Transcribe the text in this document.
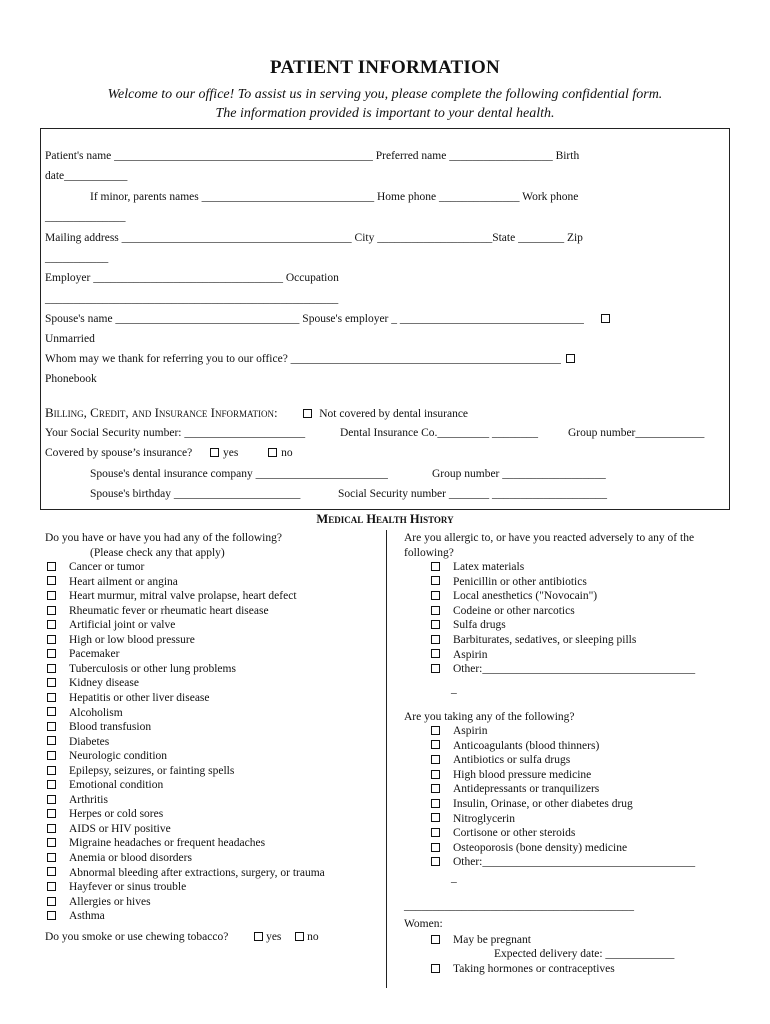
PATIENT INFORMATION
Welcome to our office! To assist us in serving you, please complete the following confidential form.
The information provided is important to your dental health.
Patient's name _____________________________________________ Preferred name __________________ Birth
date___________
If minor, parents names ______________________________ Home phone ______________ Work phone
______________
Mailing address ________________________________________ City ____________________State ________ Zip
___________
Employer _________________________________ Occupation
___________________________________________________
Spouse's name ________________________________ Spouse's employer _ ________________________________
Unmarried
Whom may we thank for referring you to our office? _______________________________________________
Phonebook
Billing, Credit, and Insurance Information:	Not covered by dental insurance
Your Social Security number: _____________________	Dental Insurance Co._________ ________	Group number____________
Covered by spouse’s insurance?	yes	no
Spouse's dental insurance company _______________________	Group number __________________
Spouse's birthday ______________________	Social Security number _______ ____________________
Medical Health History
Do you have or have you had any of the following?
(Please check any that apply)
Cancer or tumor
Heart ailment or angina
Heart murmur, mitral valve prolapse, heart defect
Rheumatic fever or rheumatic heart disease
Artificial joint or valve
High or low blood pressure
Pacemaker
Tuberculosis or other lung problems
Kidney disease
Hepatitis or other liver disease
Alcoholism
Blood transfusion
Diabetes
Neurologic condition
Epilepsy, seizures, or fainting spells
Emotional condition
Arthritis
Herpes or cold sores
AIDS or HIV positive
Migraine headaches or frequent headaches
Anemia or blood disorders
Abnormal bleeding after extractions, surgery, or trauma
Hayfever or sinus trouble
Allergies or hives
Asthma
Do you smoke or use chewing tobacco?	yes no
Are you allergic to, or have you reacted adversely to any of the
following?
Latex materials
Penicillin or other antibiotics
Local anesthetics ("Novocain")
Codeine or other narcotics
Sulfa drugs
Barbiturates, sedatives, or sleeping pills
Aspirin
Other:_____________________________________
_
Are you taking any of the following?
Aspirin
Anticoagulants (blood thinners)
Antibiotics or sulfa drugs
High blood pressure medicine
Antidepressants or tranquilizers
Insulin, Orinase, or other diabetes drug
Nitroglycerin
Cortisone or other steroids
Osteoporosis (bone density) medicine
Other:_____________________________________
_
________________________________________
Women:
May be pregnant
Expected delivery date: ____________
Taking hormones or contraceptives
